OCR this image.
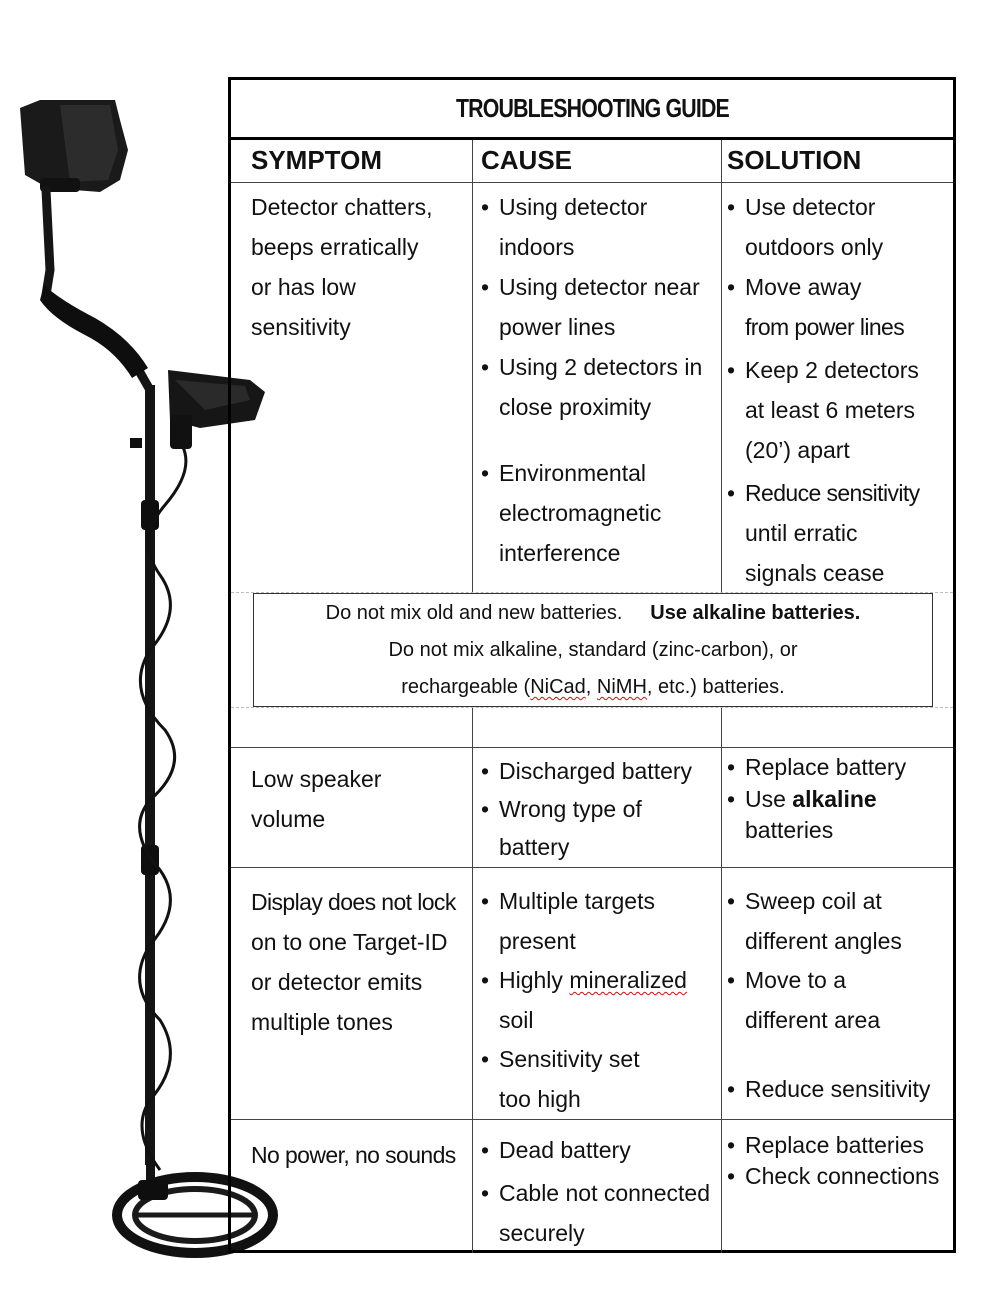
TROUBLESHOOTING GUIDE
SYMPTOM	CAUSE	SOLUTION
Detector chatters,
beeps erratically
or has low
sensitivity
• Using detector
indoors
• Using detector near
power lines
• Using 2 detectors in
close proximity
• Environmental
electromagnetic
interference
• Use detector
outdoors only
• Move away
from power lines
• Keep 2 detectors
at least 6 meters
(20’) apart
• Reduce sensitivity
until erratic
signals cease
Do not mix old and new batteries. Use alkaline batteries.
Do not mix alkaline, standard (zinc-carbon), or
rechargeable (NiCad, NiMH, etc.) batteries.
Low speaker
volume
• Discharged battery
• Wrong type of
battery
• Replace battery
• Use alkaline
batteries
Display does not lock
on to one Target-ID
or detector emits
multiple tones
• Multiple targets
present
• Highly mineralized
soil
• Sensitivity set
too high
• Sweep coil at
different angles
• Move to a
different area
• Reduce sensitivity
No power, no sounds
• Dead battery
• Cable not connected
securely
• Replace batteries
• Check connections
